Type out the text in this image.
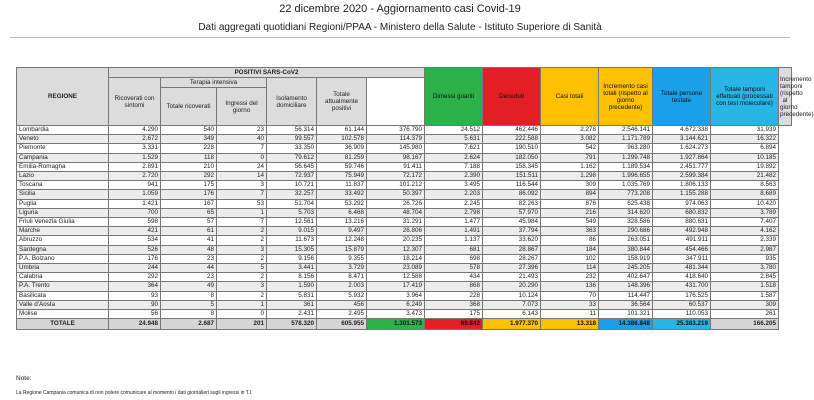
22 dicembre 2020 - Aggiornamento casi Covid-19
Dati aggregati quotidiani Regioni/PPAA - Ministero della Salute - Istituto Superiore di Sanità
REGIONE	POSITIVI SARS-CoV2						Dimessi guariti	Deceduti	Casi totali	Incremento casi totali (rispetto al giorno precedente)	Totale persone testate	Totale tamponi effettuati (processati con test molecolare)	Incremento tamponi (rispetto al giorno precedente)
	Ricoverati con sintomi	Terapia intensiva		Isolamento domiciliare	Totale attualmente positivi								
		Totale ricoverati	Ingressi del giorno										
Lombardia	4.290	540	23	56.314	61.144	376.790	24.512	462.446	2.278	2.546.141	4.672.338	31.939	
Veneto	2.672	349	40	99.557	102.578	114.379	5.631	222.588	3.082	1.171.789	3.144.621	16.322	
Piemonte	3.331	228	7	33.350	36.909	145.980	7.621	190.510	542	963.280	1.624.273	6.894	
Campania	1.529	118	0	79.612	81.259	98.167	2.624	182.050	791	1.299.748	1.927.864	10.185	
Emilia-Romagna	2.891	210	24	56.645	59.746	91.411	7.188	158.345	1.162	1.189.534	2.451.777	19.892	
Lazio	2.720	292	14	72.937	75.949	72.172	2.390	151.511	1.298	1.996.655	2.599.384	21.482	
Toscana	941	175	3	10.721	11.837	101.212	3.495	116.544	309	1.035.769	1.806.133	8.563	
Sicilia	1.059	176	7	32.257	33.492	50.397	2.203	86.092	894	773.208	1.155.288	8.689	
Puglia	1.421	167	53	51.704	53.292	26.726	2.245	82.263	876	625.438	974.063	10.420	
Liguria	700	65	1	5.703	6.468	48.704	2.798	57.970	216	314.620	680.832	3.789	
Friuli Venezia Giulia	598	57	7	12.561	13.216	31.291	1.477	45.984	549	328.586	880.631	7.407	
Marche	421	61	2	9.015	9.497	26.806	1.491	37.794	363	290.686	492.948	4.162	
Abruzzo	534	41	2	11.673	12.248	20.235	1.137	33.620	86	263.051	491.911	2.339	
Sardegna	526	48	3	15.305	15.879	12.307	681	28.867	184	380.844	454.466	2.987	
P.A. Bolzano	176	23	2	9.156	9.355	18.214	698	28.267	102	158.919	347.911	935	
Umbria	244	44	5	3.441	3.729	23.089	578	27.396	114	245.205	481.344	3.780	
Calabria	292	23	2	8.156	8.471	12.588	434	21.493	232	402.647	418.640	2.845	
P.A. Trento	364	49	3	1.590	2.003	17.419	868	20.290	136	148.396	431.700	1.518	
Basilicata	93	8	2	5.831	5.932	3.964	228	10.124	70	114.447	176.525	1.587	
Valle d'Aosta	90	5	1	361	456	6.249	368	7.073	33	36.564	60.537	309	
Molise	56	8	0	2.431	2.495	3.473	175	6.143	11	101.321	110.053	261	
TOTALE	24.948	2.687	201	578.320	605.955	1.301.573	69.842	1.977.370	13.318	14.386.848	25.383.219	166.205	
Note:
La Regione Campania comunica di non potere comunicare al momento i dati giornalieri sugli ingressi in T.I.
